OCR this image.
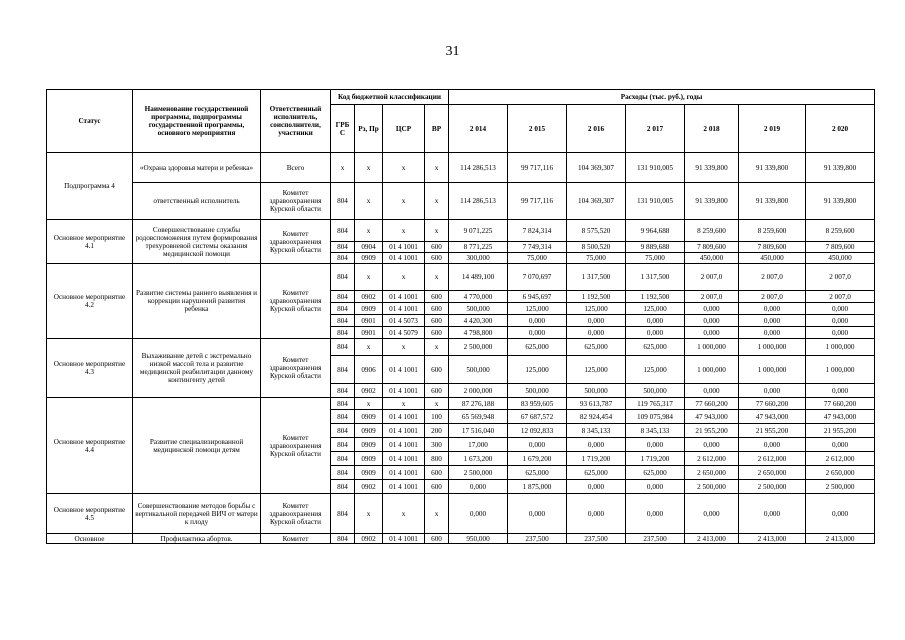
31
Статус	Наименование государственной программы, подпрограммы государственной программы, основного мероприятия	Ответственный исполнитель, соисполнители, участники	Код бюджетной классификации				Расходы (тыс. руб.), годы						
			ГРБ С	Рз, Пр	ЦСР	ВР	2 014	2 015	2 016	2 017	2 018	2 019	2 020
Подпрограмма 4	«Охрана здоровья матери и ребенка»	Всего	x	x	x	x	114 286,513	99 717,116	104 369,307	131 910,005	91 339,800	91 339,800	91 339,800
	ответственный исполнитель	Комитет здравоохранения Курской области	804	x	x	x	114 286,513	99 717,116	104 369,307	131 910,005	91 339,800	91 339,800	91 339,800
Основное мероприятие 4.1	Совершенствование службы родовспоможения путем формирования трехуровневой системы оказания медицинской помощи	Комитет здравоохранения Курской области	804	x	x	x	9 071,225	7 824,314	8 575,520	9 964,688	8 259,600	8 259,600	8 259,600
			804	0904	01 4 1001	600	8 771,225	7 749,314	8 500,520	9 889,688	7 809,600	7 809,600	7 809,600
			804	0909	01 4 1001	600	300,000	75,000	75,000	75,000	450,000	450,000	450,000
Основное мероприятие 4.2	Развитие системы раннего выявления и коррекции нарушений развития ребенка	Комитет здравоохранения Курской области	804	x	x	x	14 489,100	7 070,697	1 317,500	1 317,500	2 007,0	2 007,0	2 007,0
			804	0902	01 4 1001	600	4 770,000	6 945,697	1 192,500	1 192,500	2 007,0	2 007,0	2 007,0
			804	0909	01 4 1001	600	500,000	125,000	125,000	125,000	0,000	0,000	0,000
			804	0901	01 4 5073	600	4 420,300	0,000	0,000	0,000	0,000	0,000	0,000
			804	0901	01 4 5079	600	4 798,800	0,000	0,000	0,000	0,000	0,000	0,000
Основное мероприятие 4.3	Выхаживание детей с экстремально низкой массой тела и развитие медицинской реабилитации данному контингенту детей	Комитет здравоохранения Курской области	804	x	x	x	2 500,000	625,000	625,000	625,000	1 000,000	1 000,000	1 000,000
			804	0906	01 4 1001	600	500,000	125,000	125,000	125,000	1 000,000	1 000,000	1 000,000
			804	0902	01 4 1001	600	2 000,000	500,000	500,000	500,000	0,000	0,000	0,000
Основное мероприятие 4.4	Развитие специализированной медицинской помощи детям	Комитет здравоохранения Курской области	804	x	x	x	87 276,188	83 959,605	93 613,787	119 765,317	77 660,200	77 660,200	77 660,200
			804	0909	01 4 1001	100	65 569,948	67 687,572	82 924,454	109 075,984	47 943,000	47 943,000	47 943,000
			804	0909	01 4 1001	200	17 516,040	12 092,833	8 345,133	8 345,133	21 955,200	21 955,200	21 955,200
			804	0909	01 4 1001	300	17,000	0,000	0,000	0,000	0,000	0,000	0,000
			804	0909	01 4 1001	800	1 673,200	1 679,200	1 719,200	1 719,200	2 612,000	2 612,000	2 612,000
			804	0909	01 4 1001	600	2 500,000	625,000	625,000	625,000	2 650,000	2 650,000	2 650,000
			804	0902	01 4 1001	600	0,000	1 875,000	0,000	0,000	2 500,000	2 500,000	2 500,000
Основное мероприятие 4.5	Совершенствование методов борьбы с вертикальной передачей ВИЧ от матери к плоду	Комитет здравоохранения Курской области	804	x	x	x	0,000	0,000	0,000	0,000	0,000	0,000	0,000
Основное	Профилактика абортов.	Комитет	804	0902	01 4 1001	600	950,000	237,500	237,500	237,500	2 413,000	2 413,000	2 413,000
